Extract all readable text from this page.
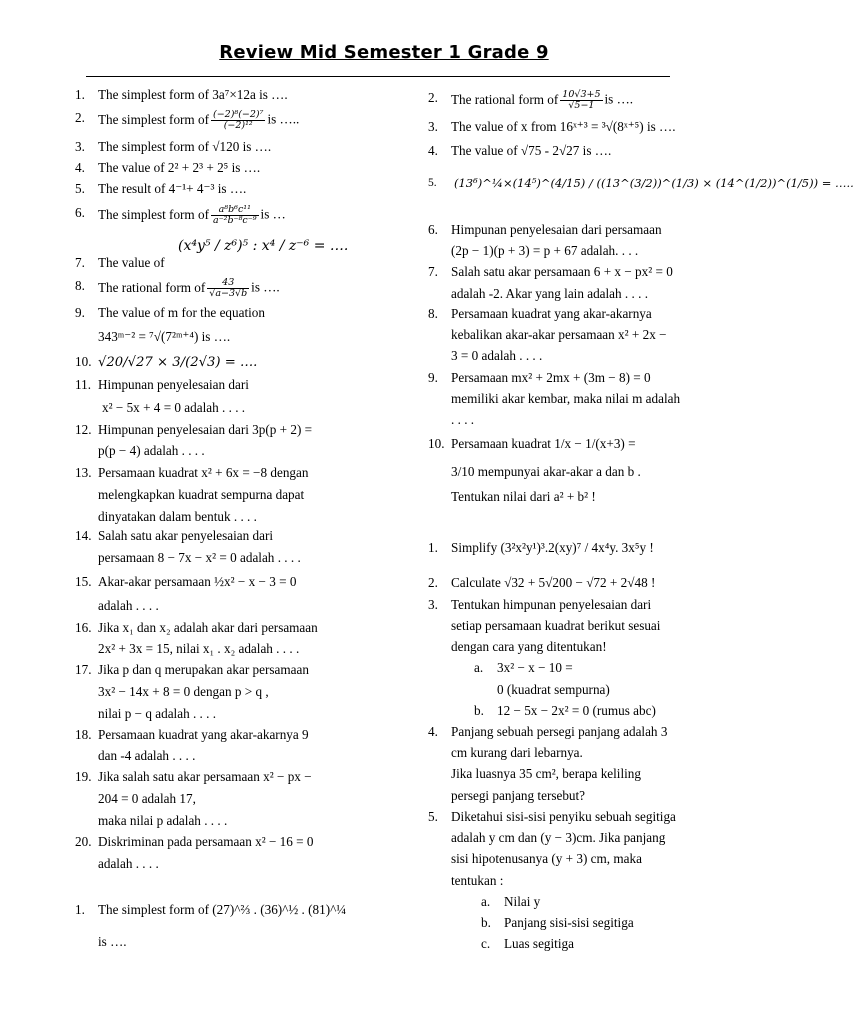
Review Mid Semester 1 Grade 9
1. The simplest form of 3a⁷×12a is ….
2. The simplest form of $\frac{\text{(−2)⁸(−2)⁷}}{\text{(−2)¹²}}$ is …..
3. The simplest form of √120 is ….
4. The value of 2² + 2³ + 2⁵ is ….
5. The result of 4⁻¹+ 4⁻³ is ….
6. The simplest form of $\frac{\text{a⁸b⁶c¹¹}}{\text{a⁻²b⁻⁸c⁻⁹}}$ is …
7. The value of
(x⁴y⁵ / z⁶)⁵ : x⁴ / z⁻⁶ = ….
8. The rational form of $\frac{43}{√a-3√b}$ is ….
9. The value of m for the equation
343ᵐ⁻² = ⁷√(7²ᵐ⁺⁴) is ….
10. √20/√27 × 3/(2√3) = ….
11. Himpunan penyelesaian dari
x² − 5x + 4 = 0 adalah . . . .
12. Himpunan penyelesaian dari 3p(p + 2) =
p(p − 4) adalah . . . .
13. Persamaan kuadrat x² + 6x = −8 dengan
melengkapkan kuadrat sempurna dapat
dinyatakan dalam bentuk . . . .
14. Salah satu akar penyelesaian dari
persamaan 8 − 7x − x² = 0 adalah . . . .
15. Akar-akar persamaan ½x² − x − 3 = 0
adalah . . . .
16. Jika x₁ dan x₂ adalah akar dari persamaan
2x² + 3x = 15, nilai x₁ . x₂ adalah . . . .
17. Jika p dan q merupakan akar persamaan
3x² − 14x + 8 = 0 dengan p > q ,
nilai p − q adalah . . . .
18. Persamaan kuadrat yang akar-akarnya 9
dan -4 adalah . . . .
19. Jika salah satu akar persamaan x² − px −
204 = 0 adalah 17,
maka nilai p adalah . . . .
20. Diskriminan pada persamaan x² − 16 = 0
adalah . . . .
1. The simplest form of (27)^⅔ . (36)^½ . (81)^¼
is ….
2. The rational form of $\frac{10√3+5}{√5-1}$ is ….
3. The value of x from 16ˣ⁺³ = ³√(8ˣ⁺⁵) is ….
4. The value of √75 - 2√27 is ….
5. (13⁶)^¼×(14⁵)^(4/15) / ((13^(3/2))^(1/3) × (14^(1/2))^(1/5)) = …..
6. Himpunan penyelesaian dari persamaan
(2p − 1)(p + 3) = p + 67 adalah. . . .
7. Salah satu akar persamaan 6 + x − px² = 0
adalah -2. Akar yang lain adalah . . . .
8. Persamaan kuadrat yang akar-akarnya
kebalikan akar-akar persamaan x² + 2x −
3 = 0 adalah . . . .
9. Persamaan mx² + 2mx + (3m − 8) = 0
memiliki akar kembar, maka nilai m adalah
. . . .
10. Persamaan kuadrat 1/x − 1/(x+3) =
3/10 mempunyai akar-akar a dan b .
Tentukan nilai dari a² + b² !
1. Simplify (3²x²y¹)³.2(xy)⁷ / 4x⁴y. 3x⁵y !
2. Calculate √32 + 5√200 − √72 + 2√48 !
3. Tentukan himpunan penyelesaian dari
setiap persamaan kuadrat berikut sesuai
dengan cara yang ditentukan!
a. 3x² − x − 10 =
0 (kuadrat sempurna)
b. 12 − 5x − 2x² = 0 (rumus abc)
4. Panjang sebuah persegi panjang adalah 3
cm kurang dari lebarnya.
Jika luasnya 35 cm², berapa keliling
persegi panjang tersebut?
5. Diketahui sisi-sisi penyiku sebuah segitiga
adalah y cm dan (y − 3)cm. Jika panjang
sisi hipotenusanya (y + 3) cm, maka
tentukan :
a. Nilai y
b. Panjang sisi-sisi segitiga
c. Luas segitiga
